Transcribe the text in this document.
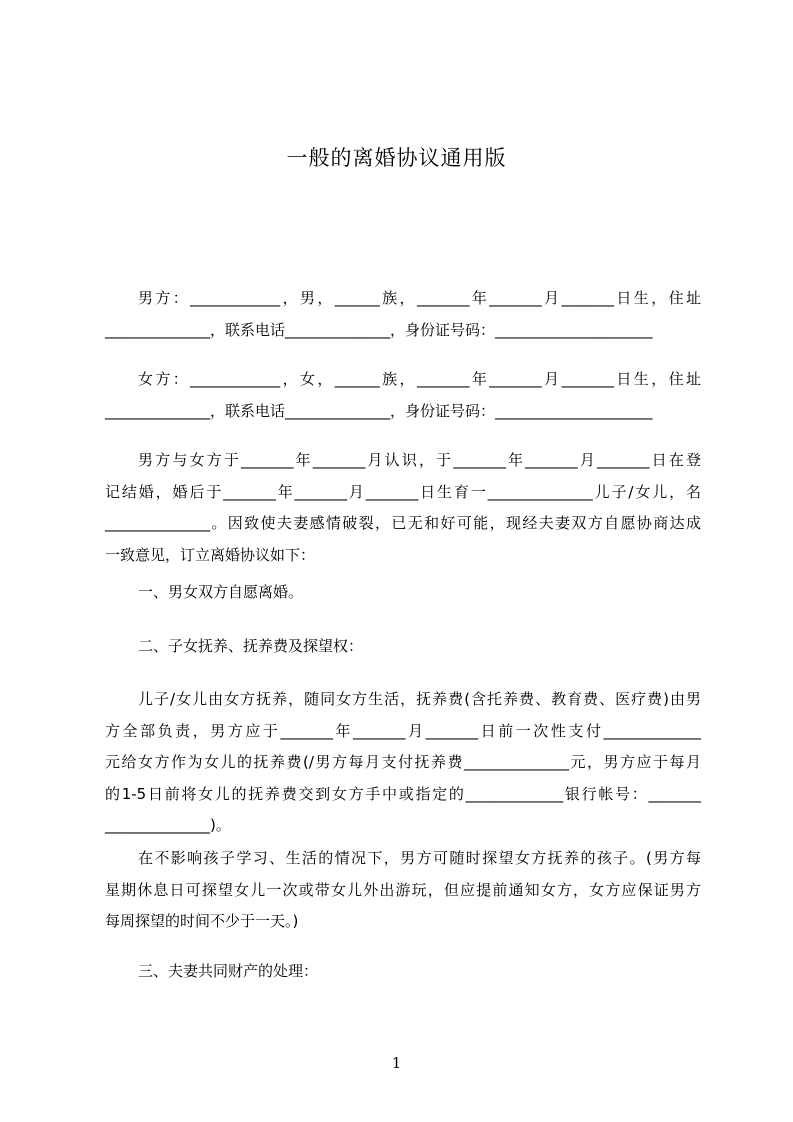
一般的离婚协议通用版
男方：____________，男，______族，_______年_______月_______日生，住址
______________，联系电话______________，身份证号码：_____________________
女方：____________，女，______族，_______年_______月_______日生，住址
______________，联系电话______________，身份证号码：_____________________
男方与女方于_______年_______月认识，于_______年_______月_______日在登
记结婚，婚后于_______年_______月_______日生育一______________儿子/女儿，名
______________。因致使夫妻感情破裂，已无和好可能，现经夫妻双方自愿协商达成
一致意见，订立离婚协议如下：
一、男女双方自愿离婚。
二、子女抚养、抚养费及探望权：
儿子/女儿由女方抚养，随同女方生活，抚养费(含托养费、教育费、医疗费)由男
方全部负责，男方应于_______年_______月_______日前一次性支付_____________
元给女方作为女儿的抚养费(/男方每月支付抚养费______________元，男方应于每月
的1-5日前将女儿的抚养费交到女方手中或指定的_____________银行帐号：_______
______________)。
在不影响孩子学习、生活的情况下，男方可随时探望女方抚养的孩子。(男方每
星期休息日可探望女儿一次或带女儿外出游玩，但应提前通知女方，女方应保证男方
每周探望的时间不少于一天。)
三、夫妻共同财产的处理：
1
